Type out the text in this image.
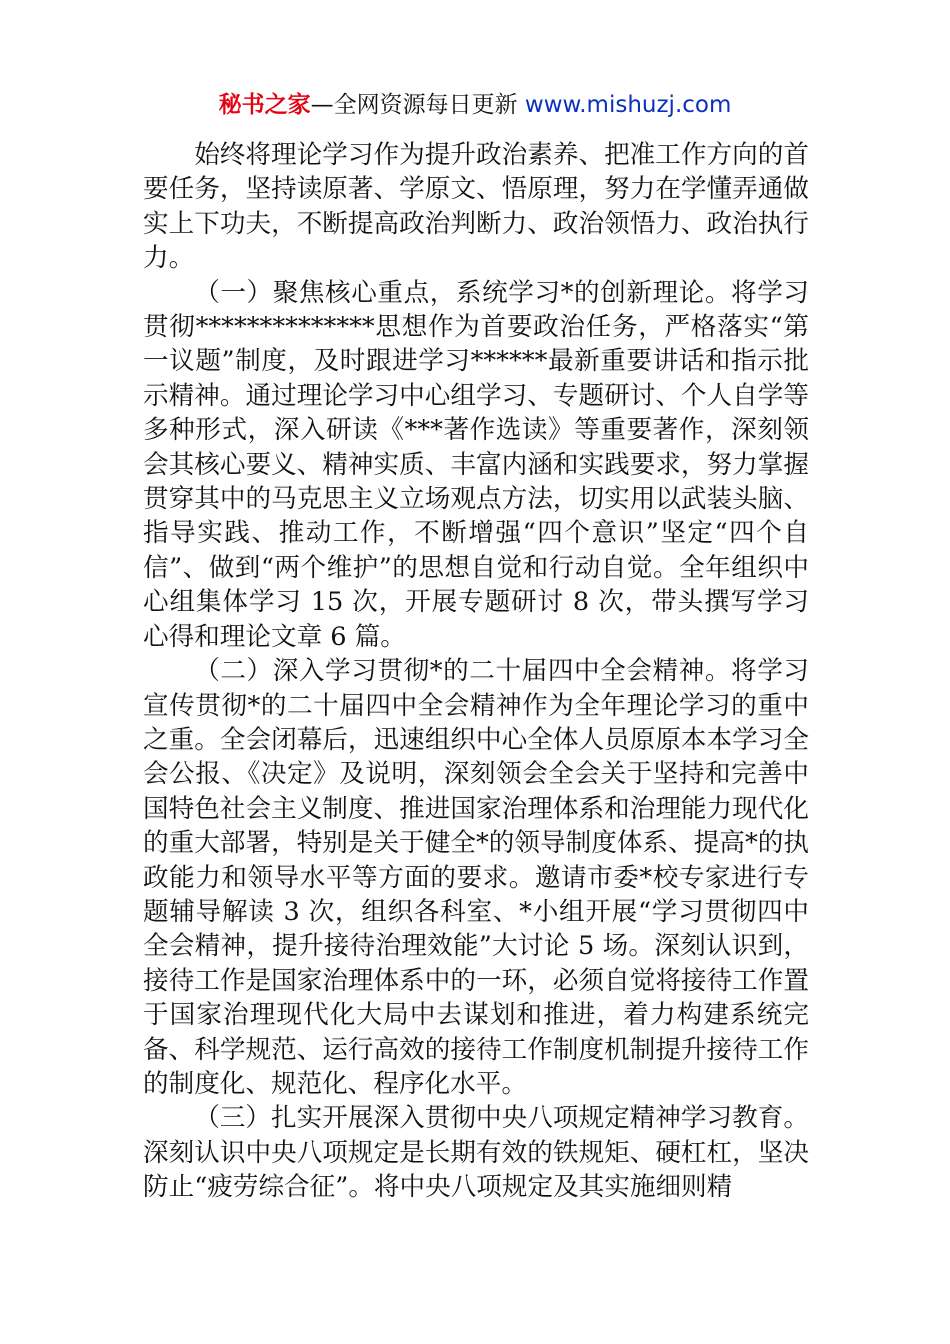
秘书之家—全网资源每日更新 www.mishuzj.com

始终将理论学习作为提升政治素养、把准工作方向的首要任务，坚持读原著、学原文、悟原理，努力在学懂弄通做实上下功夫，不断提高政治判断力、政治领悟力、政治执行力。

（一）聚焦核心重点，系统学习*的创新理论。将学习贯彻**************思想作为首要政治任务，严格落实“第一议题”制度，及时跟进学习******最新重要讲话和指示批示精神。通过理论学习中心组学习、专题研讨、个人自学等多种形式，深入研读《***著作选读》等重要著作，深刻领会其核心要义、精神实质、丰富内涵和实践要求，努力掌握贯穿其中的马克思主义立场观点方法，切实用以武装头脑、指导实践、推动工作，不断增强“四个意识”坚定“四个自信”、做到“两个维护”的思想自觉和行动自觉。全年组织中心组集体学习 15 次，开展专题研讨 8 次，带头撰写学习心得和理论文章 6 篇。

（二）深入学习贯彻*的二十届四中全会精神。将学习宣传贯彻*的二十届四中全会精神作为全年理论学习的重中之重。全会闭幕后，迅速组织中心全体人员原原本本学习全会公报、《决定》及说明，深刻领会全会关于坚持和完善中国特色社会主义制度、推进国家治理体系和治理能力现代化的重大部署，特别是关于健全*的领导制度体系、提高*的执政能力和领导水平等方面的要求。邀请市委*校专家进行专题辅导解读 3 次，组织各科室、*小组开展“学习贯彻四中全会精神，提升接待治理效能”大讨论 5 场。深刻认识到，接待工作是国家治理体系中的一环，必须自觉将接待工作置于国家治理现代化大局中去谋划和推进，着力构建系统完备、科学规范、运行高效的接待工作制度机制提升接待工作的制度化、规范化、程序化水平。

（三）扎实开展深入贯彻中央八项规定精神学习教育。深刻认识中央八项规定是长期有效的铁规矩、硬杠杠，坚决防止“疲劳综合征”。将中央八项规定及其实施细则精
